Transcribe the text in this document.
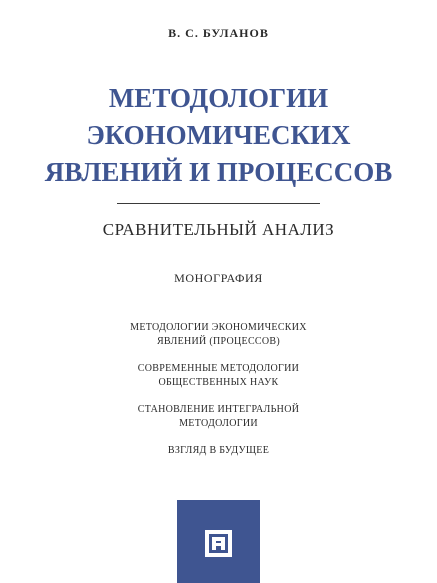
В. С. БУЛАНОВ
МЕТОДОЛОГИИ
ЭКОНОМИЧЕСКИХ
ЯВЛЕНИЙ И ПРОЦЕССОВ
СРАВНИТЕЛЬНЫЙ АНАЛИЗ
МОНОГРАФИЯ
МЕТОДОЛОГИИ ЭКОНОМИЧЕСКИХ
ЯВЛЕНИЙ (ПРОЦЕССОВ)
СОВРЕМЕННЫЕ МЕТОДОЛОГИИ
ОБЩЕСТВЕННЫХ НАУК
СТАНОВЛЕНИЕ ИНТЕГРАЛЬНОЙ
МЕТОДОЛОГИИ
ВЗГЛЯД В БУДУЩЕЕ
